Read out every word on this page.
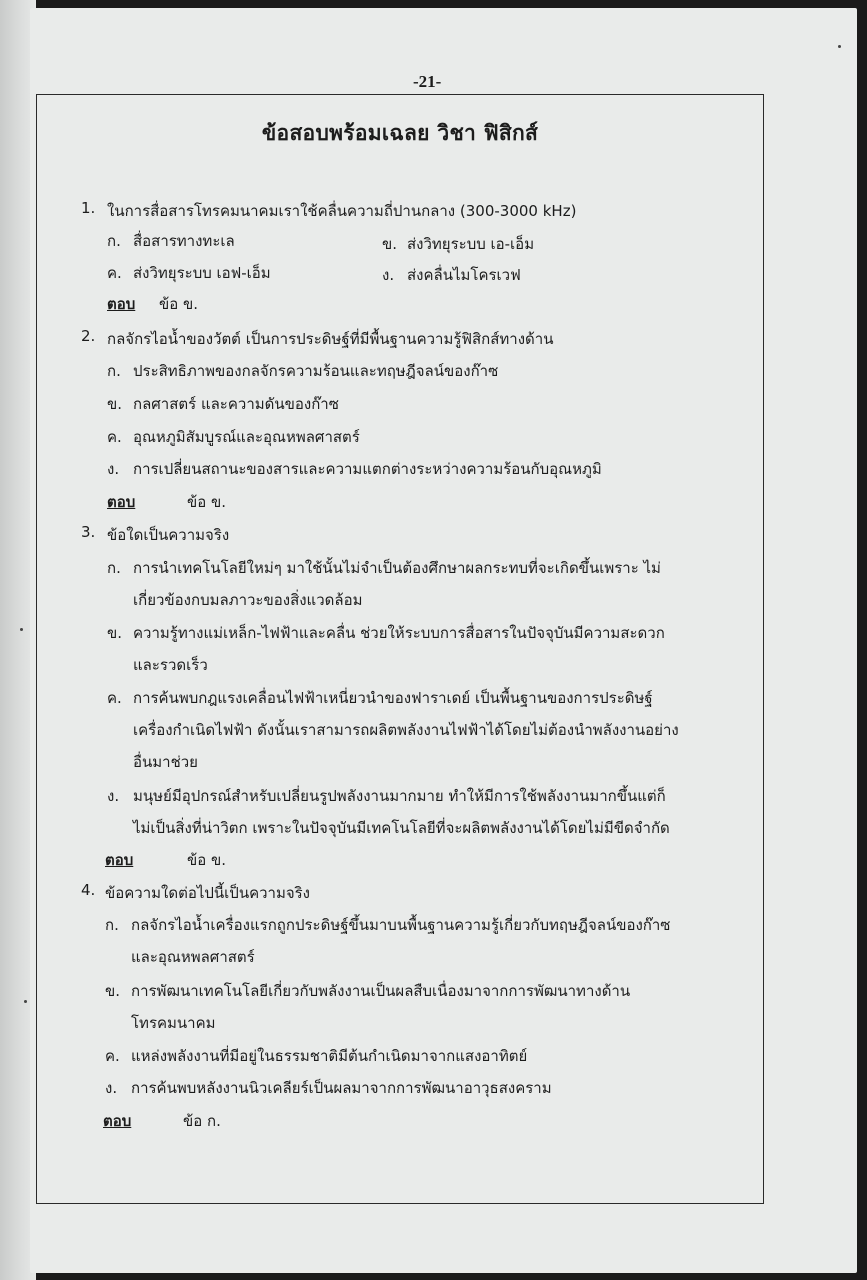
-21-
ข้อสอบพร้อมเฉลย วิชา ฟิสิกส์
1. ในการสื่อสารโทรคมนาคมเราใช้คลื่นความถี่ปานกลาง (300-3000 kHz)
ก. สื่อสารทางทะเล	ข. ส่งวิทยุระบบ เอ-เอ็ม
ค. ส่งวิทยุระบบ เอฟ-เอ็ม	ง. ส่งคลื่นไมโครเวฟ
ตอบ ข้อ ข.
2. กลจักรไอน้ำของวัตต์ เป็นการประดิษฐ์ที่มีพื้นฐานความรู้ฟิสิกส์ทางด้าน
ก. ประสิทธิภาพของกลจักรความร้อนและทฤษฎีจลน์ของก๊าซ
ข. กลศาสตร์ และความดันของก๊าซ
ค. อุณหภูมิสัมบูรณ์และอุณหพลศาสตร์
ง. การเปลี่ยนสถานะของสารและความแตกต่างระหว่างความร้อนกับอุณหภูมิ
ตอบ	ข้อ ข.
3. ข้อใดเป็นความจริง
ก. การนำเทคโนโลยีใหม่ๆ มาใช้นั้นไม่จำเป็นต้องศึกษาผลกระทบที่จะเกิดขึ้นเพราะ ไม่
เกี่ยวข้องกบมลภาวะของสิ่งแวดล้อม
ข. ความรู้ทางแม่เหล็ก-ไฟฟ้าและคลื่น ช่วยให้ระบบการสื่อสารในปัจจุบันมีความสะดวก
และรวดเร็ว
ค. การค้นพบกฎแรงเคลื่อนไฟฟ้าเหนี่ยวนำของฟาราเดย์ เป็นพื้นฐานของการประดิษฐ์
เครื่องกำเนิดไฟฟ้า ดังนั้นเราสามารถผลิตพลังงานไฟฟ้าได้โดยไม่ต้องนำพลังงานอย่าง
อื่นมาช่วย
ง. มนุษย์มีอุปกรณ์สำหรับเปลี่ยนรูปพลังงานมากมาย ทำให้มีการใช้พลังงานมากขึ้นแต่ก็
ไม่เป็นสิ่งที่น่าวิตก เพราะในปัจจุบันมีเทคโนโลยีที่จะผลิตพลังงานได้โดยไม่มีขีดจำกัด
ตอบ	ข้อ ข.
4. ข้อความใดต่อไปนี้เป็นความจริง
ก. กลจักรไอน้ำเครื่องแรกถูกประดิษฐ์ขึ้นมาบนพื้นฐานความรู้เกี่ยวกับทฤษฎีจลน์ของก๊าซ
และอุณหพลศาสตร์
ข. การพัฒนาเทคโนโลยีเกี่ยวกับพลังงานเป็นผลสืบเนื่องมาจากการพัฒนาทางด้าน
โทรคมนาคม
ค. แหล่งพลังงานที่มีอยู่ในธรรมชาติมีต้นกำเนิดมาจากแสงอาทิตย์
ง. การค้นพบหลังงานนิวเคลียร์เป็นผลมาจากการพัฒนาอาวุธสงคราม
ตอบ	ข้อ ก.
